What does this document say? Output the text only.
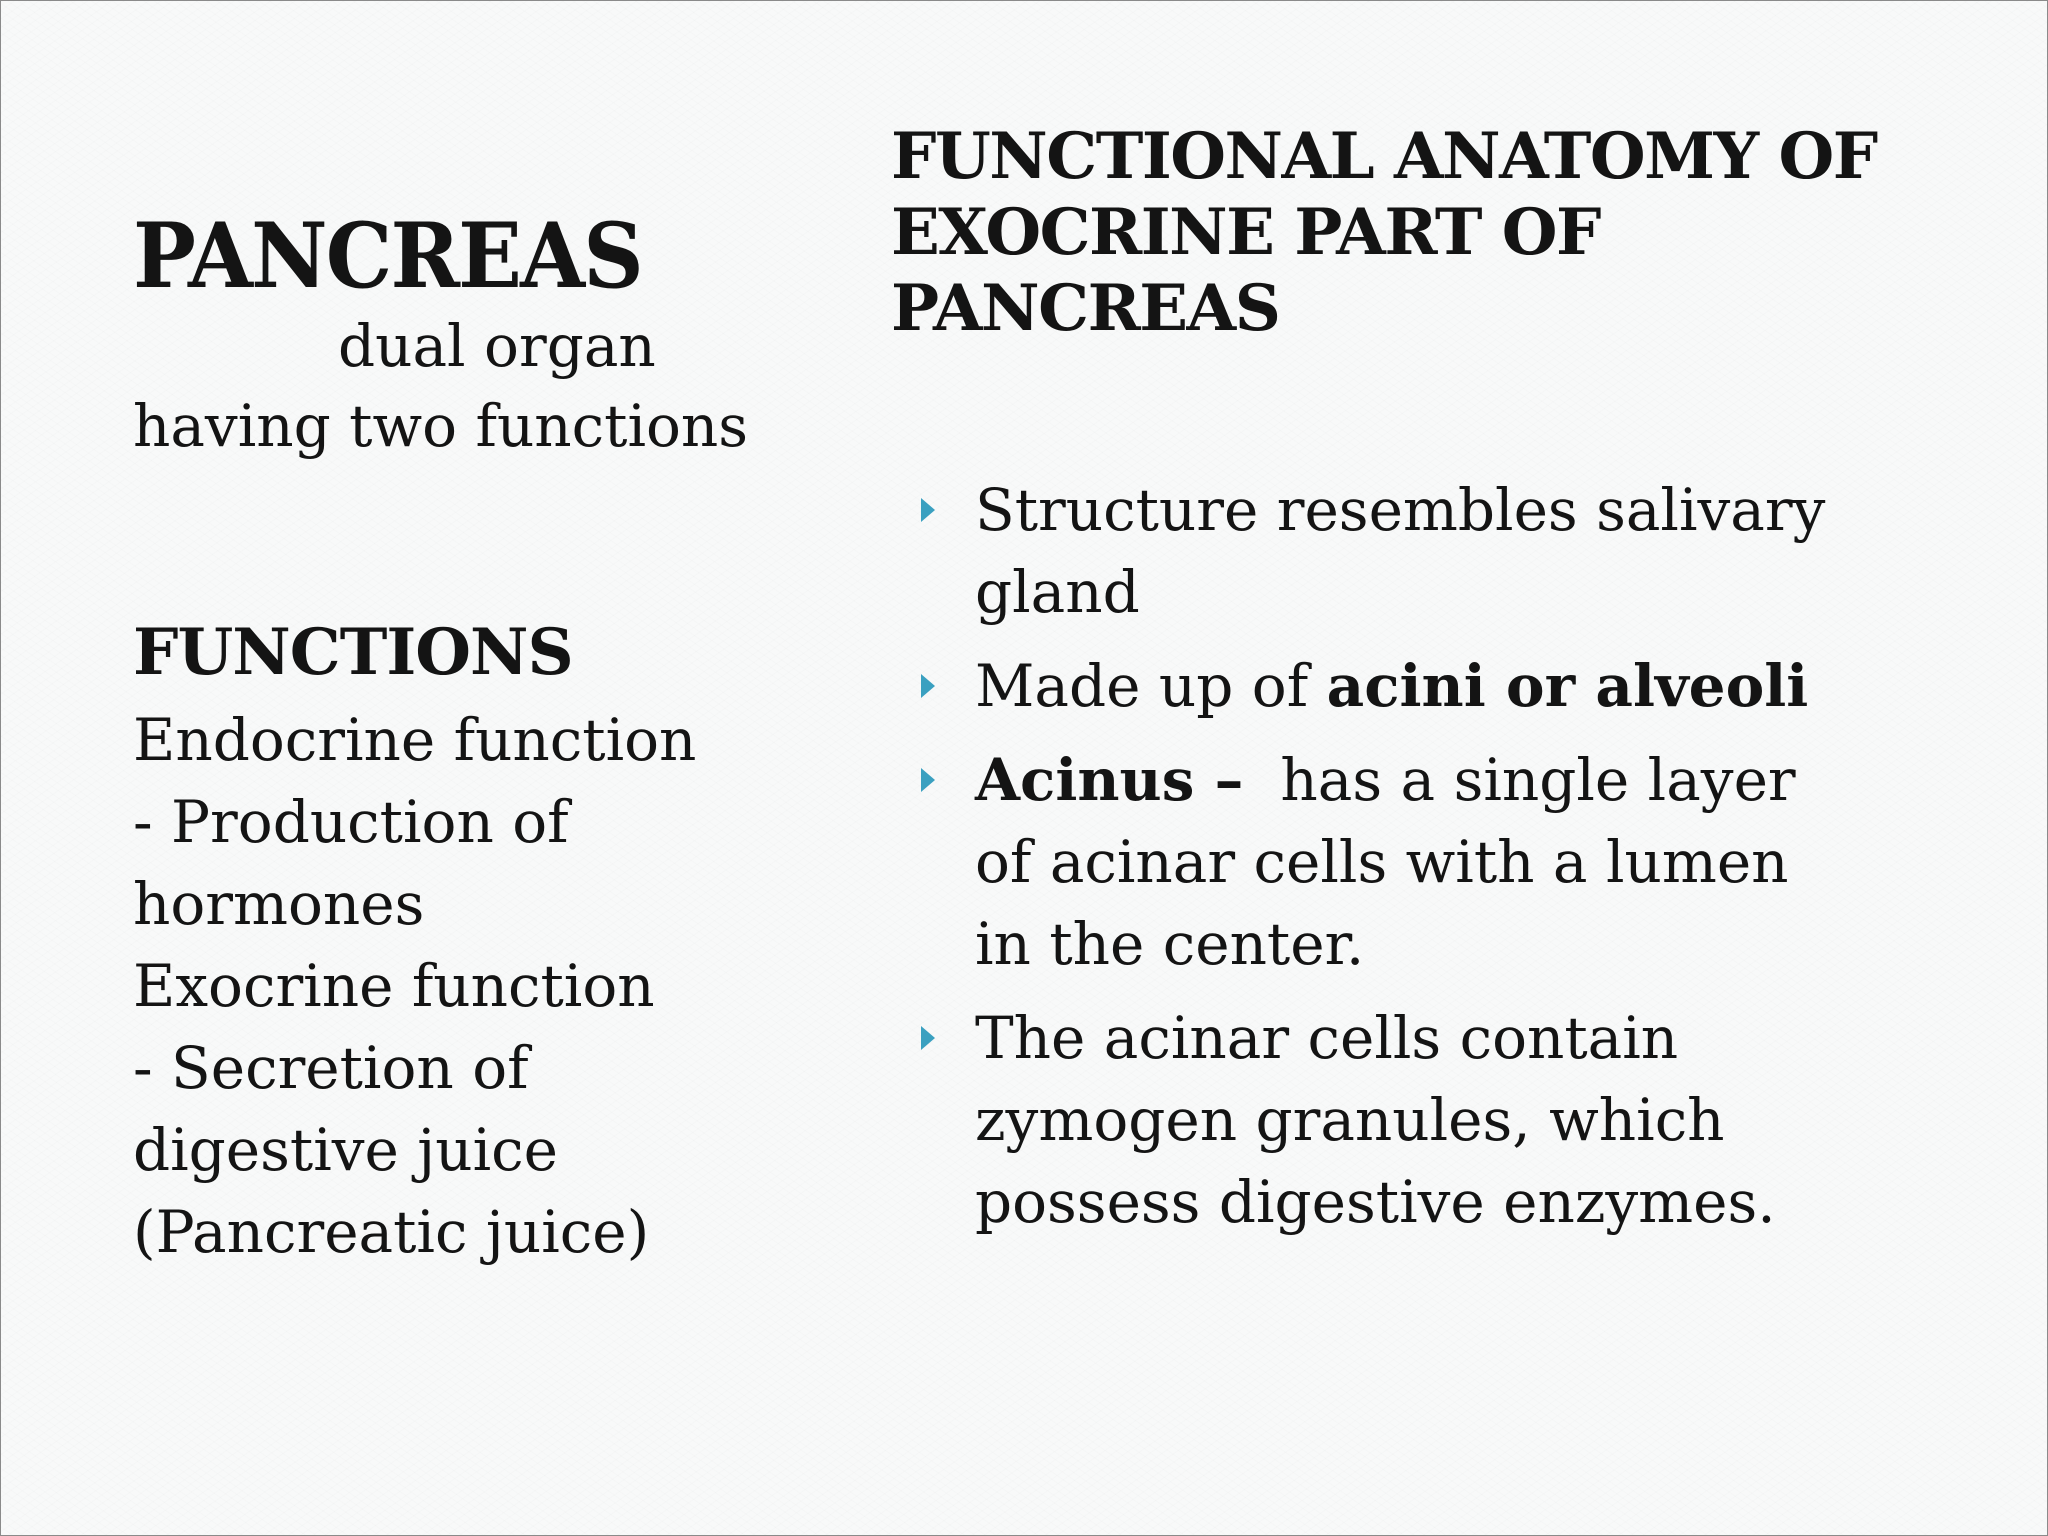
PANCREAS

dual organ
having two functions

FUNCTIONS

Endocrine function

- Production of

hormones

Exocrine function

- Secretion of

digestive juice

(Pancreatic juice)

FUNCTIONAL ANATOMY OF
EXOCRINE PART OF
PANCREAS
Structure resembles salivary
gland
Made up of acini or alveoli
Acinus –  has a single layer
of acinar cells with a lumen
in the center.
The acinar cells contain
zymogen granules, which
possess digestive enzymes.
